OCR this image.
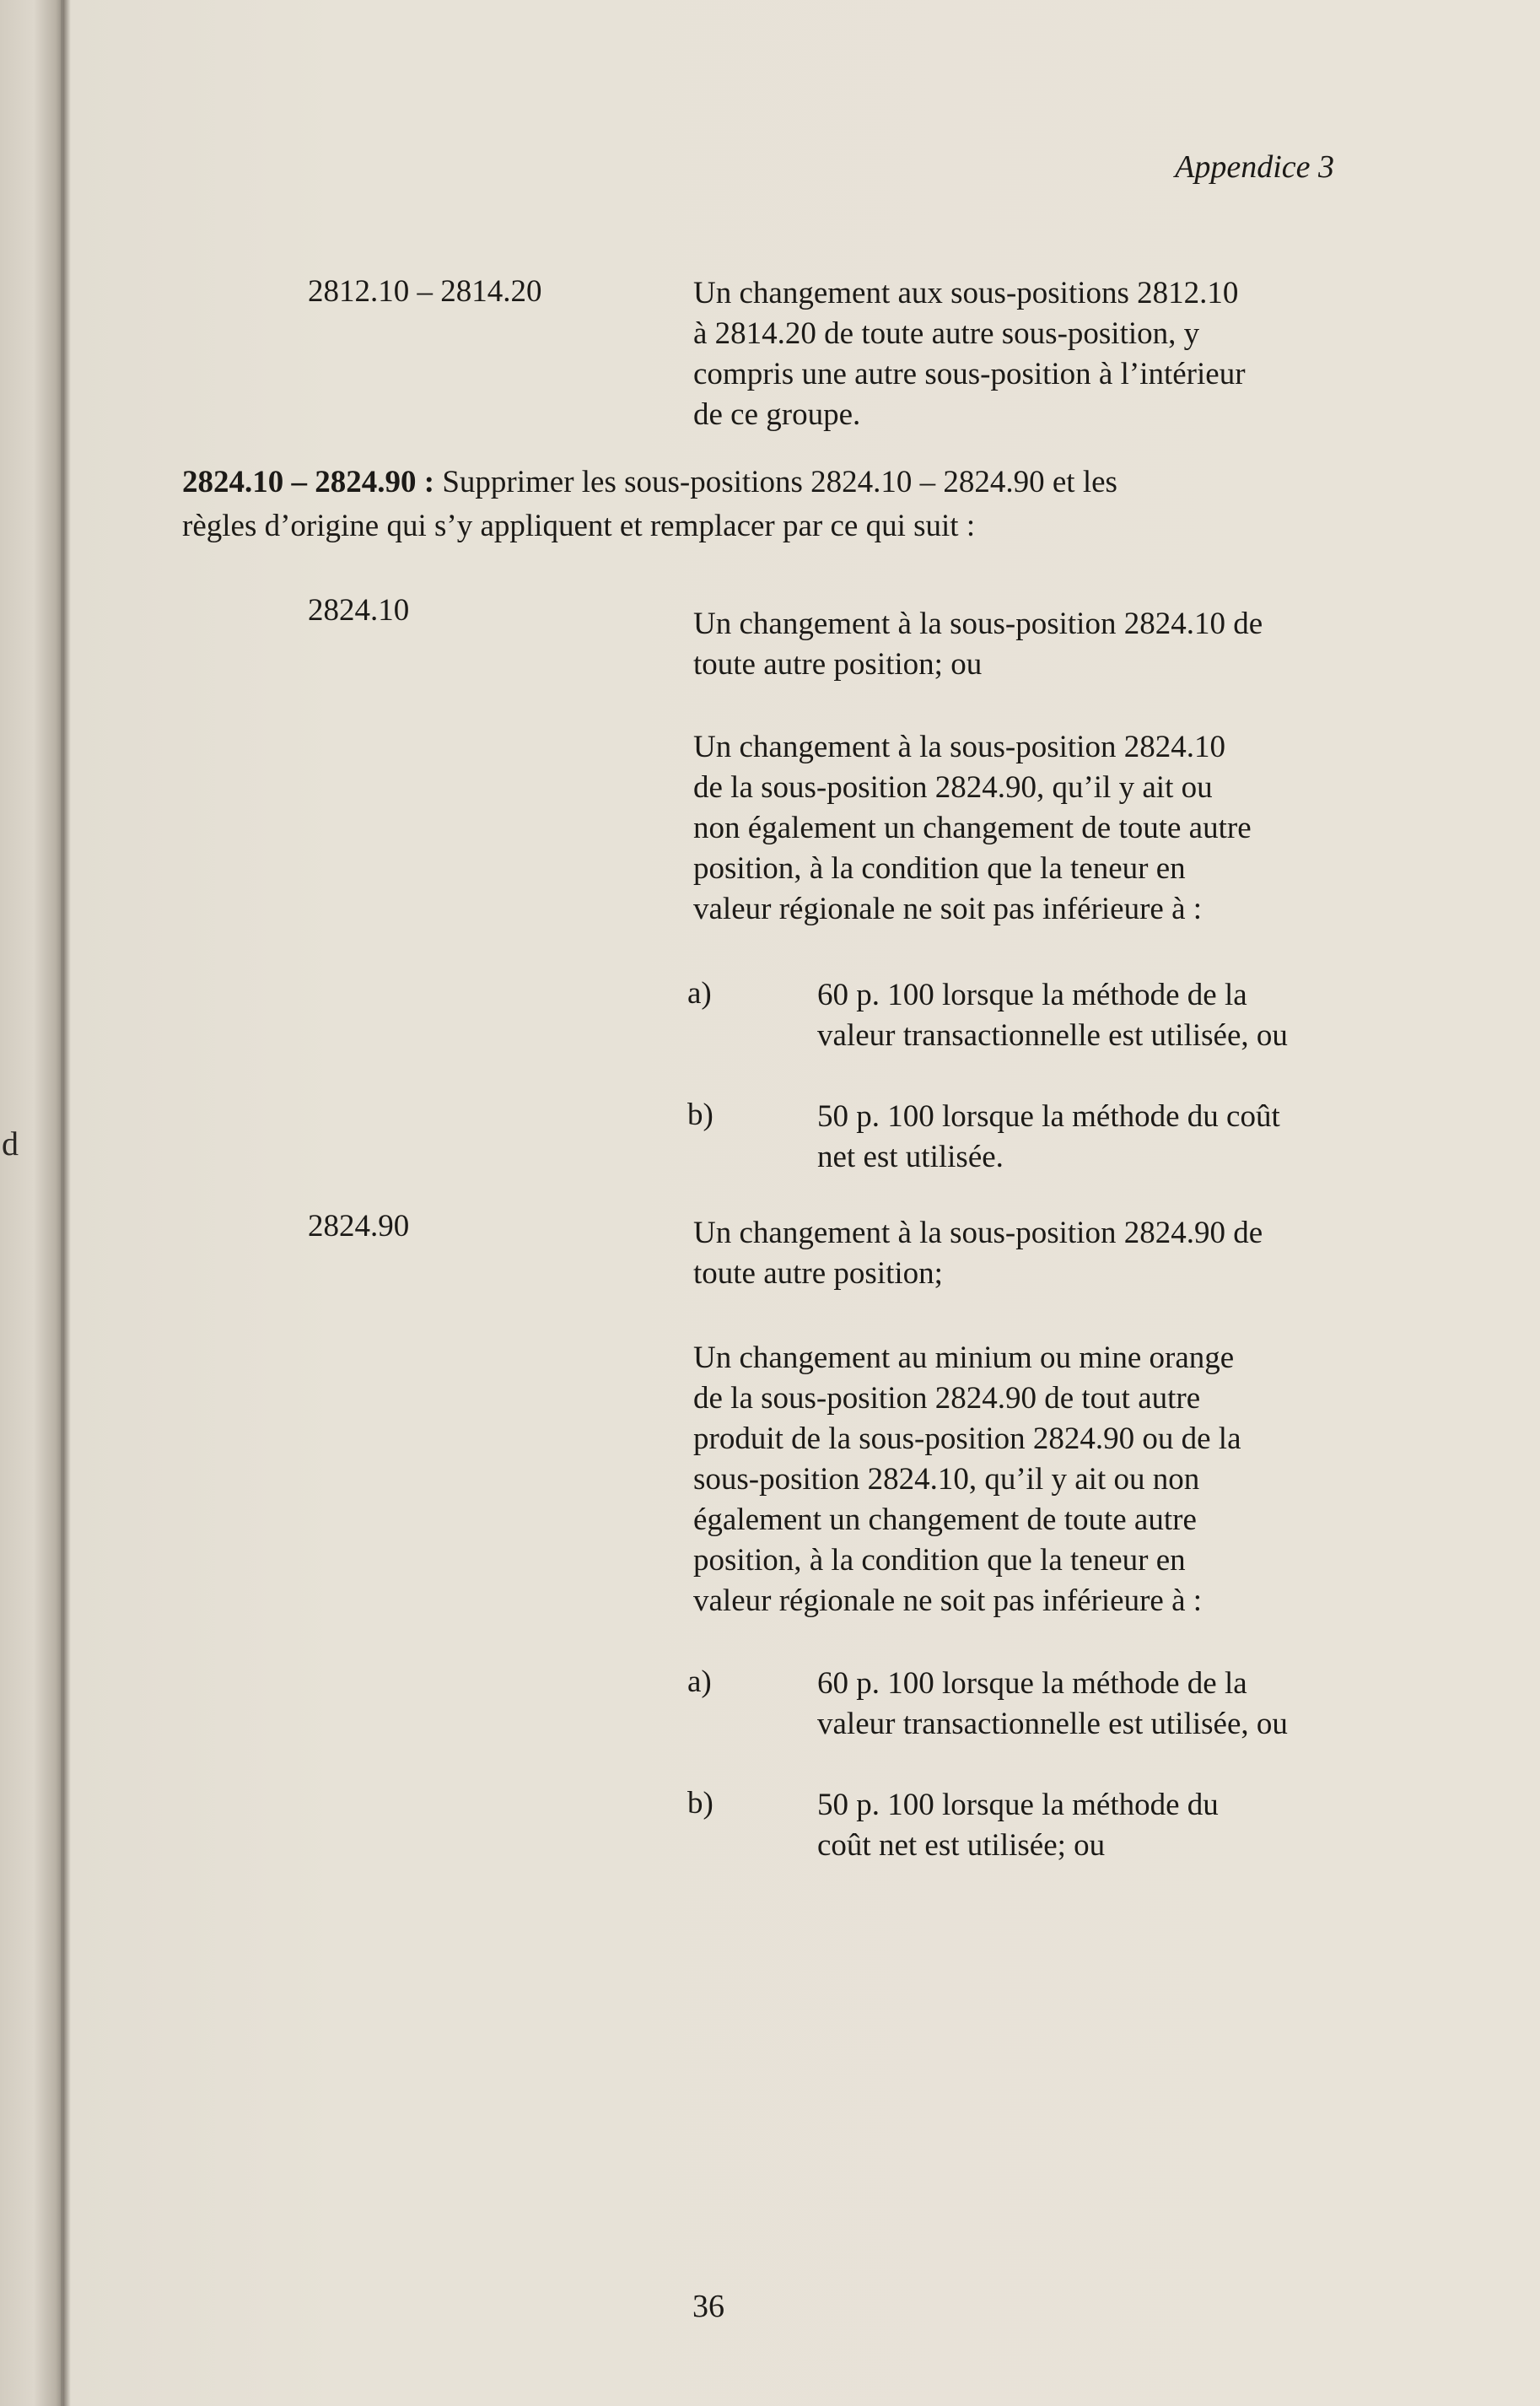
d
Appendice 3
2812.10 – 2814.20	Un changement aux sous-positions 2812.10
à 2814.20 de toute autre sous-position, y
compris une autre sous-position à l’intérieur
de ce groupe.
2824.10 – 2824.90 : Supprimer les sous-positions 2824.10 – 2824.90 et les
règles d’origine qui s’y appliquent et remplacer par ce qui suit :
2824.10	Un changement à la sous-position 2824.10 de
toute autre position; ou
Un changement à la sous-position 2824.10
de la sous-position 2824.90, qu’il y ait ou
non également un changement de toute autre
position, à la condition que la teneur en
valeur régionale ne soit pas inférieure à :
a)	60 p. 100 lorsque la méthode de la
valeur transactionnelle est utilisée, ou
b)	50 p. 100 lorsque la méthode du coût
net est utilisée.
2824.90	Un changement à la sous-position 2824.90 de
toute autre position;
Un changement au minium ou mine orange
de la sous-position 2824.90 de tout autre
produit de la sous-position 2824.90 ou de la
sous-position 2824.10, qu’il y ait ou non
également un changement de toute autre
position, à la condition que la teneur en
valeur régionale ne soit pas inférieure à :
a)	60 p. 100 lorsque la méthode de la
valeur transactionnelle est utilisée, ou
b)	50 p. 100 lorsque la méthode du
coût net est utilisée; ou
36
